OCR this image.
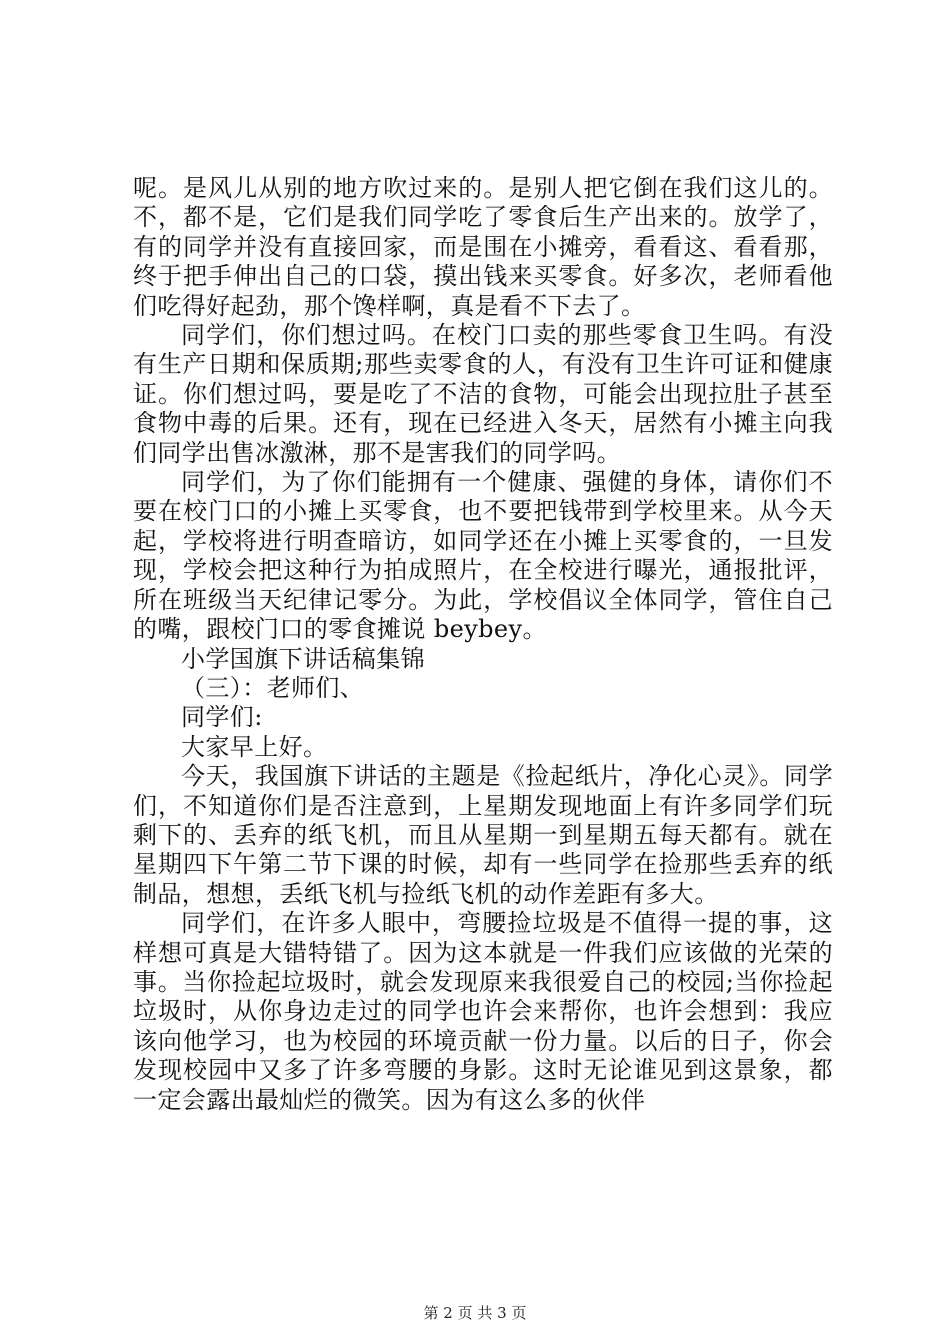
呢。是风儿从别的地方吹过来的。是别人把它倒在我们这儿的。不，都不是，它们是我们同学吃了零食后生产出来的。放学了，有的同学并没有直接回家，而是围在小摊旁，看看这、看看那，终于把手伸出自己的口袋，摸出钱来买零食。好多次，老师看他们吃得好起劲，那个馋样啊，真是看不下去了。

同学们，你们想过吗。在校门口卖的那些零食卫生吗。有没有生产日期和保质期;那些卖零食的人，有没有卫生许可证和健康证。你们想过吗，要是吃了不洁的食物，可能会出现拉肚子甚至食物中毒的后果。还有，现在已经进入冬天，居然有小摊主向我们同学出售冰激淋，那不是害我们的同学吗。

同学们，为了你们能拥有一个健康、强健的身体，请你们不要在校门口的小摊上买零食，也不要把钱带到学校里来。从今天起，学校将进行明查暗访，如同学还在小摊上买零食的，一旦发现，学校会把这种行为拍成照片，在全校进行曝光，通报批评，所在班级当天纪律记零分。为此，学校倡议全体同学，管住自己的嘴，跟校门口的零食摊说 beybey。

小学国旗下讲话稿集锦

（三）：老师们、

同学们:

大家早上好。

今天，我国旗下讲话的主题是《捡起纸片，净化心灵》。同学们，不知道你们是否注意到，上星期发现地面上有许多同学们玩剩下的、丢弃的纸飞机，而且从星期一到星期五每天都有。就在星期四下午第二节下课的时候，却有一些同学在捡那些丢弃的纸制品，想想，丢纸飞机与捡纸飞机的动作差距有多大。

同学们，在许多人眼中，弯腰捡垃圾是不值得一提的事，这样想可真是大错特错了。因为这本就是一件我们应该做的光荣的事。当你捡起垃圾时，就会发现原来我很爱自己的校园;当你捡起垃圾时，从你身边走过的同学也许会来帮你，也许会想到：我应该向他学习，也为校园的环境贡献一份力量。以后的日子，你会发现校园中又多了许多弯腰的身影。这时无论谁见到这景象，都一定会露出最灿烂的微笑。因为有这么多的伙伴

第 2 页 共 3 页
